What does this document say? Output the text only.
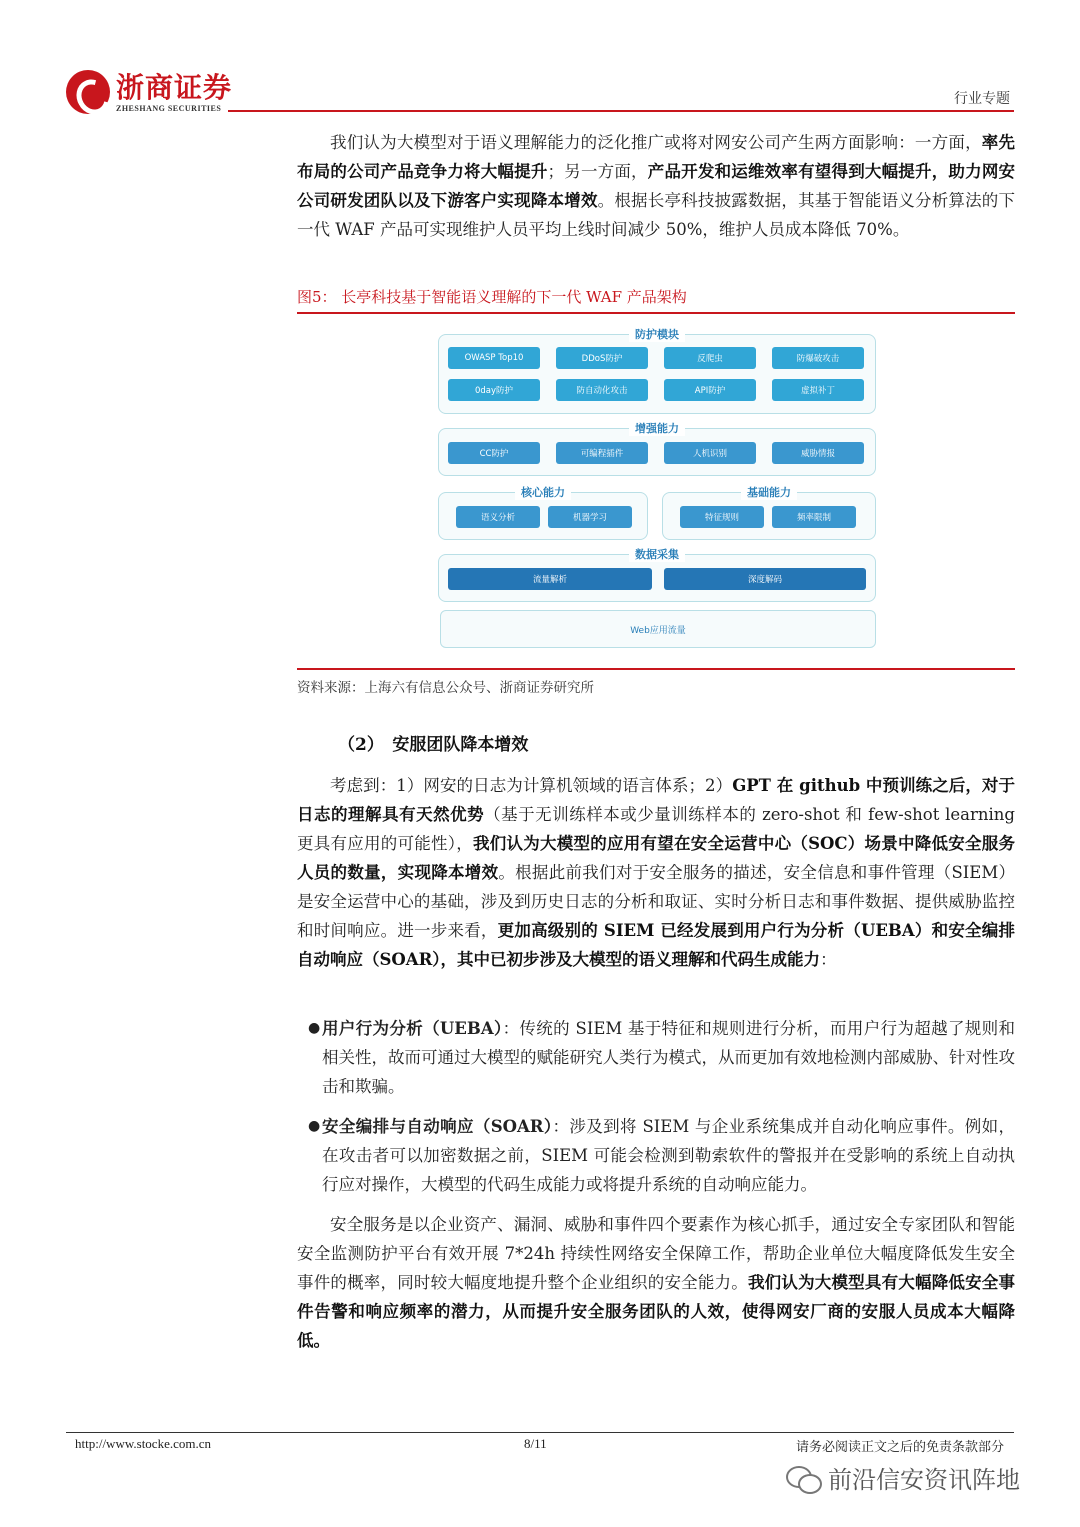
浙商证券
ZHESHANG SECURITIES
行业专题
我们认为大模型对于语义理解能力的泛化推广或将对网安公司产生两方面影响：一方面，率先布局的公司产品竞争力将大幅提升；另一方面，产品开发和运维效率有望得到大幅提升，助力网安公司研发团队以及下游客户实现降本增效。根据长亭科技披露数据，其基于智能语义分析算法的下一代 WAF 产品可实现维护人员平均上线时间减少 50%，维护人员成本降低 70%。
图5： 长亭科技基于智能语义理解的下一代 WAF 产品架构
防护模块
OWASP Top10	DDoS防护	反爬虫	防爆破攻击
0day防护	防自动化攻击	API防护	虚拟补丁
增强能力
CC防护	可编程插件	人机识别	威胁情报
核心能力
语义分析	机器学习
基础能力
特征规则	频率限制
数据采集
流量解析	深度解码
Web应用流量
资料来源：上海六有信息公众号、浙商证券研究所
（2）　安服团队降本增效
考虑到：1）网安的日志为计算机领域的语言体系；2）GPT 在 github 中预训练之后，对于日志的理解具有天然优势（基于无训练样本或少量训练样本的 zero-shot 和 few-shot learning 更具有应用的可能性），我们认为大模型的应用有望在安全运营中心（SOC）场景中降低安全服务人员的数量，实现降本增效。根据此前我们对于安全服务的描述，安全信息和事件管理（SIEM）是安全运营中心的基础，涉及到历史日志的分析和取证、实时分析日志和事件数据、提供威胁监控和时间响应。进一步来看，更加高级别的 SIEM 已经发展到用户行为分析（UEBA）和安全编排自动响应（SOAR），其中已初步涉及大模型的语义理解和代码生成能力：
● 用户行为分析（UEBA）：传统的 SIEM 基于特征和规则进行分析，而用户行为超越了规则和相关性，故而可通过大模型的赋能研究人类行为模式，从而更加有效地检测内部威胁、针对性攻击和欺骗。
● 安全编排与自动响应（SOAR）：涉及到将 SIEM 与企业系统集成并自动化响应事件。例如，在攻击者可以加密数据之前，SIEM 可能会检测到勒索软件的警报并在受影响的系统上自动执行应对操作，大模型的代码生成能力或将提升系统的自动响应能力。
安全服务是以企业资产、漏洞、威胁和事件四个要素作为核心抓手，通过安全专家团队和智能安全监测防护平台有效开展 7*24h 持续性网络安全保障工作，帮助企业单位大幅度降低发生安全事件的概率，同时较大幅度地提升整个企业组织的安全能力。我们认为大模型具有大幅降低安全事件告警和响应频率的潜力，从而提升安全服务团队的人效，使得网安厂商的安服人员成本大幅降低。
http://www.stocke.com.cn	8/11	请务必阅读正文之后的免责条款部分
前沿信安资讯阵地
